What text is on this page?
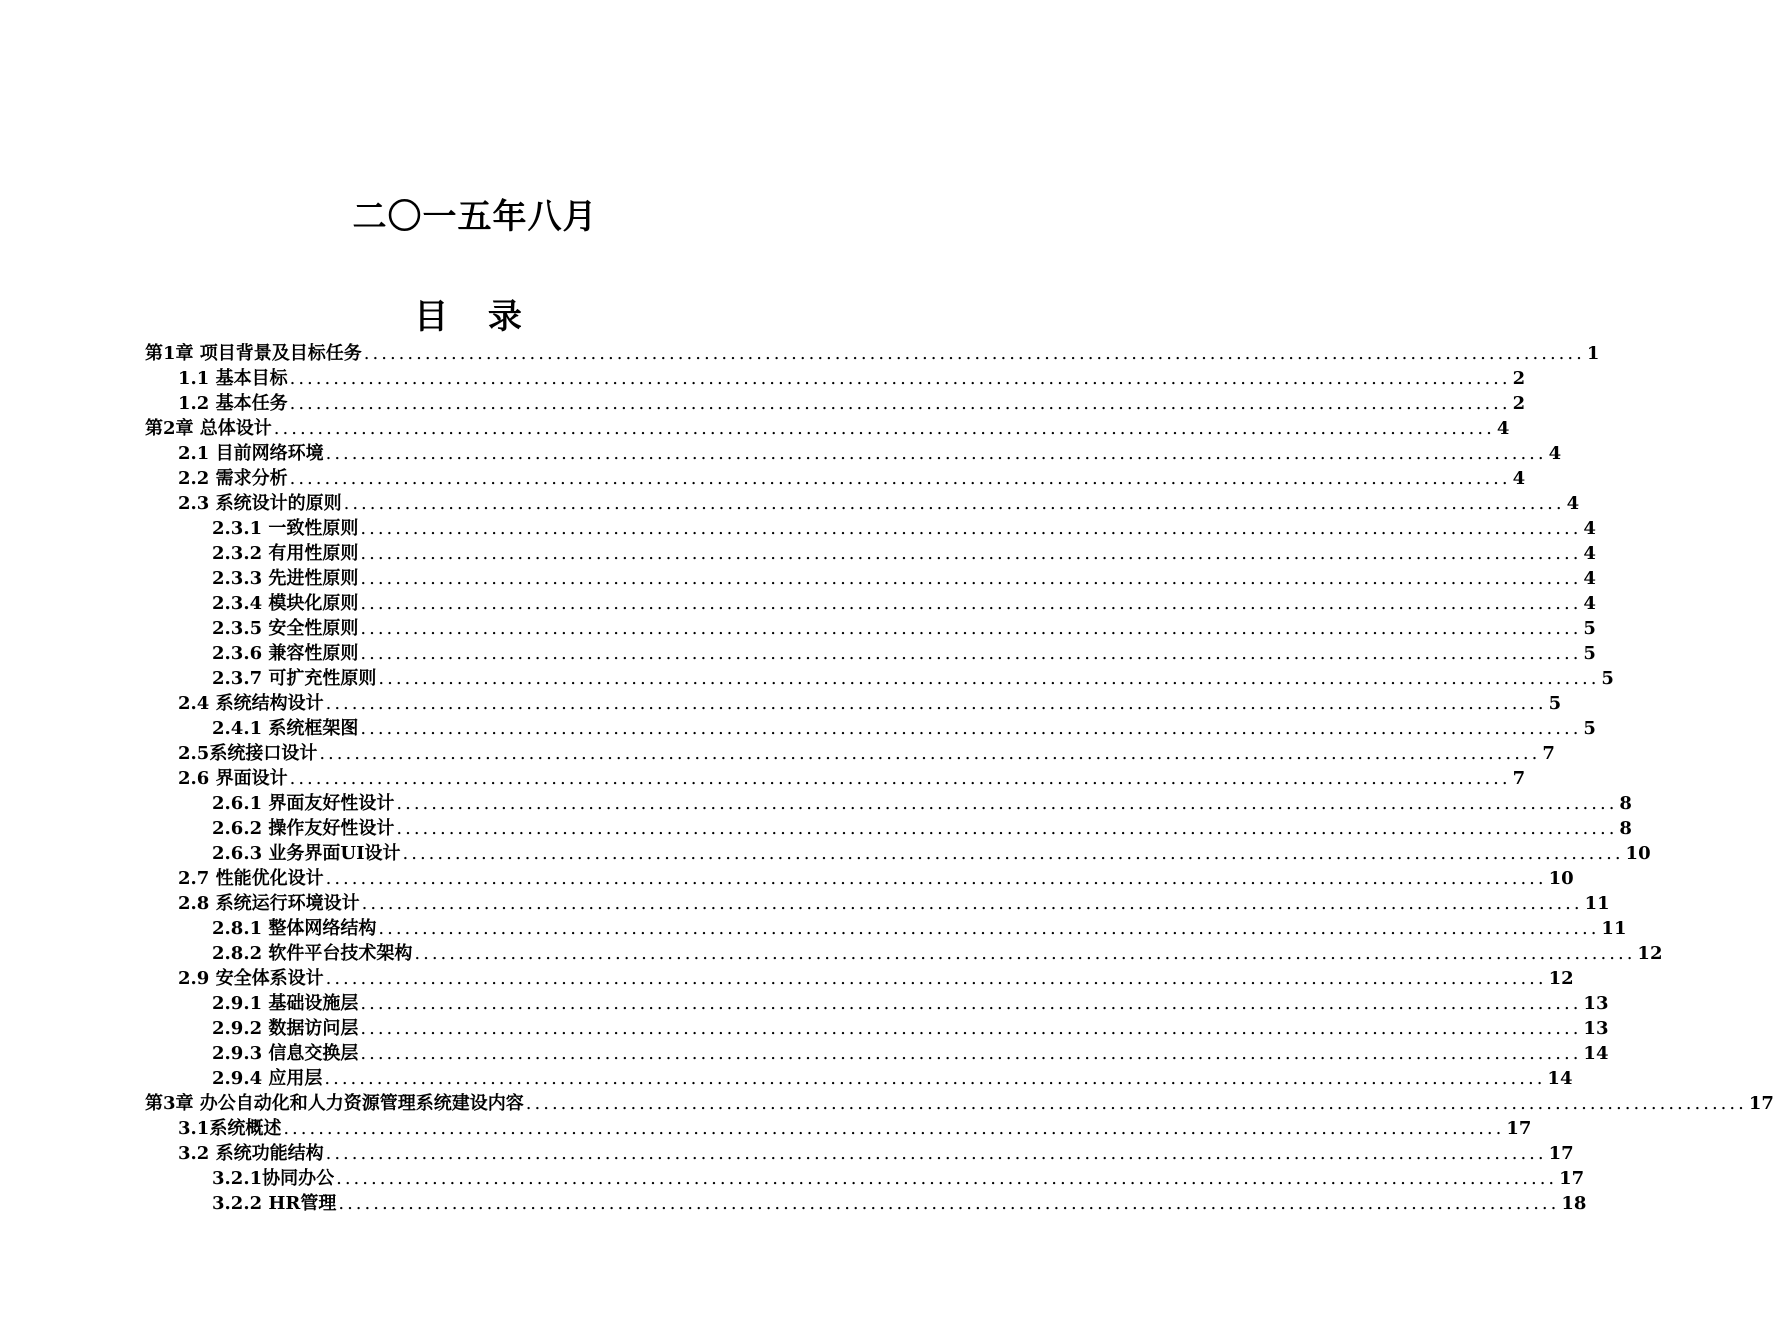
二〇一五年八月
目 录
第1章 项目背景及目标任务 ............................................................................................................................................ 1
1.1 基本目标 ............................................................................................................................................ 2
1.2 基本任务 ............................................................................................................................................ 2
第2章 总体设计 ............................................................................................................................................ 4
2.1 目前网络环境 ............................................................................................................................................ 4
2.2 需求分析 ............................................................................................................................................ 4
2.3 系统设计的原则 ............................................................................................................................................ 4
2.3.1 一致性原则 ............................................................................................................................................ 4
2.3.2 有用性原则 ............................................................................................................................................ 4
2.3.3 先进性原则 ............................................................................................................................................ 4
2.3.4 模块化原则 ............................................................................................................................................ 4
2.3.5 安全性原则 ............................................................................................................................................ 5
2.3.6 兼容性原则 ............................................................................................................................................ 5
2.3.7 可扩充性原则 ............................................................................................................................................ 5
2.4 系统结构设计 ............................................................................................................................................ 5
2.4.1 系统框架图 ............................................................................................................................................ 5
2.5系统接口设计 ............................................................................................................................................ 7
2.6 界面设计 ............................................................................................................................................ 7
2.6.1 界面友好性设计 ............................................................................................................................................ 8
2.6.2 操作友好性设计 ............................................................................................................................................ 8
2.6.3 业务界面UI设计 ............................................................................................................................................ 10
2.7 性能优化设计 ............................................................................................................................................ 10
2.8 系统运行环境设计 ............................................................................................................................................ 11
2.8.1 整体网络结构 ............................................................................................................................................ 11
2.8.2 软件平台技术架构 ............................................................................................................................................ 12
2.9 安全体系设计 ............................................................................................................................................ 12
2.9.1 基础设施层 ............................................................................................................................................ 13
2.9.2 数据访问层 ............................................................................................................................................ 13
2.9.3 信息交换层 ............................................................................................................................................ 14
2.9.4 应用层 ............................................................................................................................................ 14
第3章 办公自动化和人力资源管理系统建设内容 ............................................................................................................................................ 17
3.1系统概述 ............................................................................................................................................ 17
3.2 系统功能结构 ............................................................................................................................................ 17
3.2.1协同办公 ............................................................................................................................................ 17
3.2.2 HR管理 ............................................................................................................................................ 18
